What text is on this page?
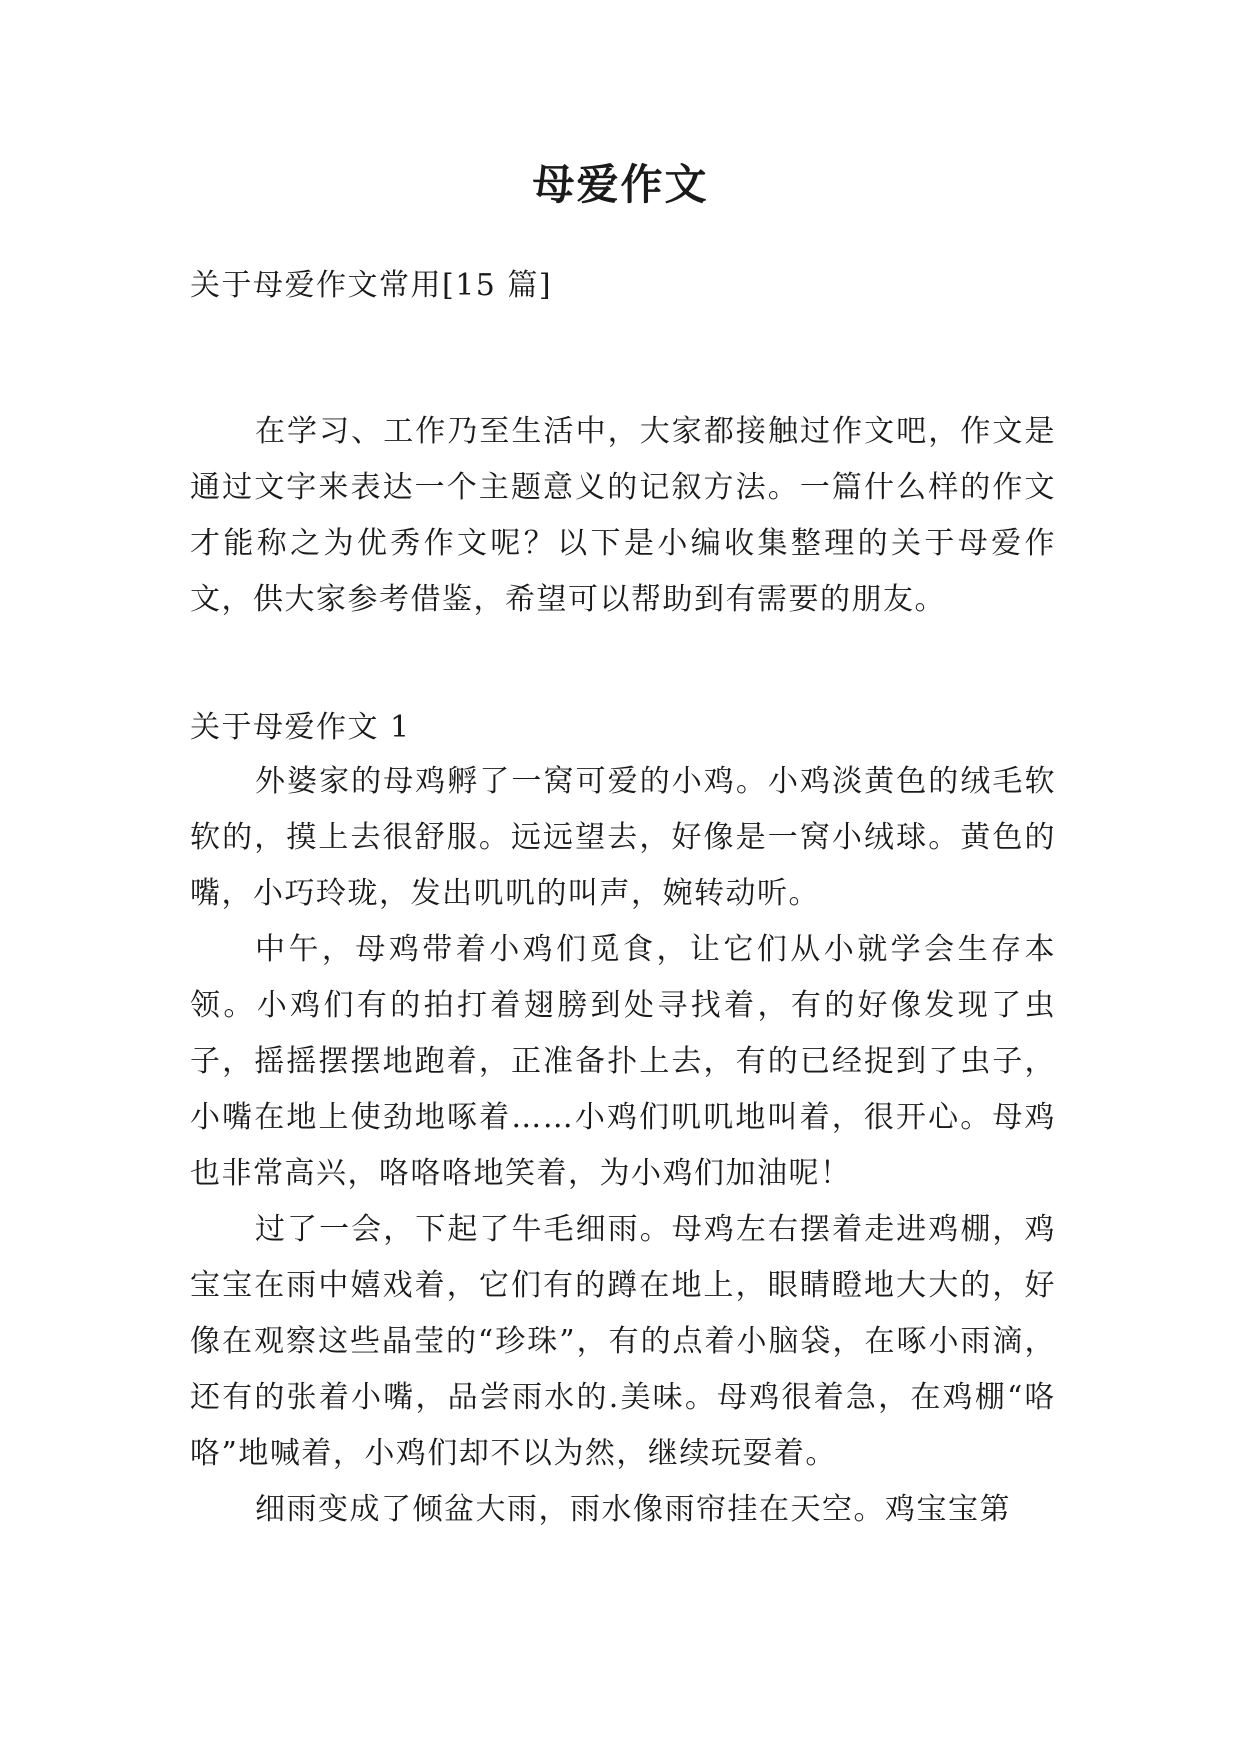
母爱作文

关于母爱作文常用[15 篇]

在学习、工作乃至生活中，大家都接触过作文吧，作文是通过文字来表达一个主题意义的记叙方法。一篇什么样的作文才能称之为优秀作文呢？以下是小编收集整理的关于母爱作文，供大家参考借鉴，希望可以帮助到有需要的朋友。

关于母爱作文 1

外婆家的母鸡孵了一窝可爱的小鸡。小鸡淡黄色的绒毛软软的，摸上去很舒服。远远望去，好像是一窝小绒球。黄色的嘴，小巧玲珑，发出叽叽的叫声，婉转动听。

中午，母鸡带着小鸡们觅食，让它们从小就学会生存本领。小鸡们有的拍打着翅膀到处寻找着，有的好像发现了虫子，摇摇摆摆地跑着，正准备扑上去，有的已经捉到了虫子，小嘴在地上使劲地啄着……小鸡们叽叽地叫着，很开心。母鸡也非常高兴，咯咯咯地笑着，为小鸡们加油呢！

过了一会，下起了牛毛细雨。母鸡左右摆着走进鸡棚，鸡宝宝在雨中嬉戏着，它们有的蹲在地上，眼睛瞪地大大的，好像在观察这些晶莹的“珍珠”，有的点着小脑袋，在啄小雨滴，还有的张着小嘴，品尝雨水的.美味。母鸡很着急，在鸡棚“咯咯”地喊着，小鸡们却不以为然，继续玩耍着。

细雨变成了倾盆大雨，雨水像雨帘挂在天空。鸡宝宝第
